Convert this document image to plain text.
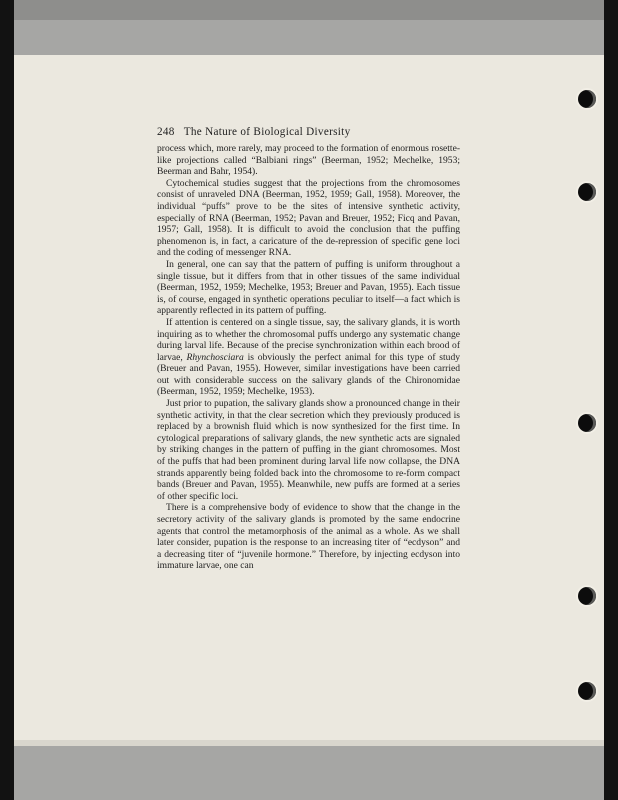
248 The Nature of Biological Diversity

process which, more rarely, may proceed to the formation of enormous rosette-like projections called “Balbiani rings” (Beerman, 1952; Mechelke, 1953; Beerman and Bahr, 1954).

Cytochemical studies suggest that the projections from the chromosomes consist of unraveled DNA (Beerman, 1952, 1959; Gall, 1958). Moreover, the individual “puffs” prove to be the sites of intensive synthetic activity, especially of RNA (Beerman, 1952; Pavan and Breuer, 1952; Ficq and Pavan, 1957; Gall, 1958). It is difficult to avoid the conclusion that the puffing phenomenon is, in fact, a caricature of the de-repression of specific gene loci and the coding of messenger RNA.

In general, one can say that the pattern of puffing is uniform throughout a single tissue, but it differs from that in other tissues of the same individual (Beerman, 1952, 1959; Mechelke, 1953; Breuer and Pavan, 1955). Each tissue is, of course, engaged in synthetic operations peculiar to itself—a fact which is apparently reflected in its pattern of puffing.

If attention is centered on a single tissue, say, the salivary glands, it is worth inquiring as to whether the chromosomal puffs undergo any systematic change during larval life. Because of the precise synchronization within each brood of larvae, Rhynchosciara is obviously the perfect animal for this type of study (Breuer and Pavan, 1955). However, similar investigations have been carried out with considerable success on the salivary glands of the Chironomidae (Beerman, 1952, 1959; Mechelke, 1953).

Just prior to pupation, the salivary glands show a pronounced change in their synthetic activity, in that the clear secretion which they previously produced is replaced by a brownish fluid which is now synthesized for the first time. In cytological preparations of salivary glands, the new synthetic acts are signaled by striking changes in the pattern of puffing in the giant chromosomes. Most of the puffs that had been prominent during larval life now collapse, the DNA strands apparently being folded back into the chromosome to re-form compact bands (Breuer and Pavan, 1955). Meanwhile, new puffs are formed at a series of other specific loci.

There is a comprehensive body of evidence to show that the change in the secretory activity of the salivary glands is promoted by the same endocrine agents that control the metamorphosis of the animal as a whole. As we shall later consider, pupation is the response to an increasing titer of “ecdyson” and a decreasing titer of “juvenile hormone.” Therefore, by injecting ecdyson into immature larvae, one can
